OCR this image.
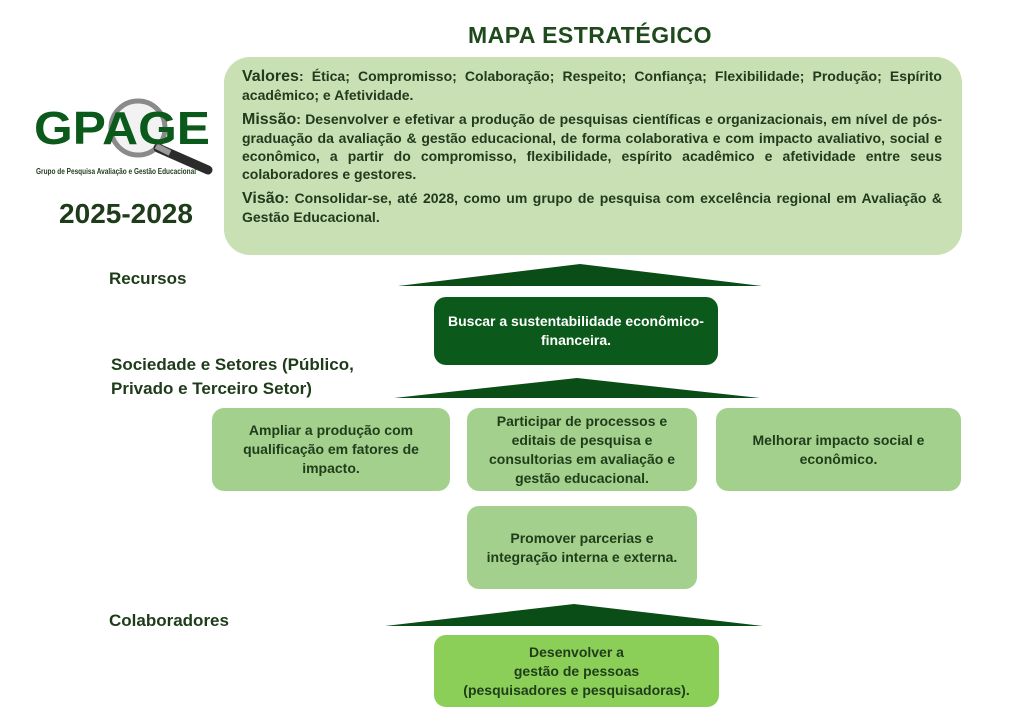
MAPA ESTRATÉGICO
GPAGE
Grupo de Pesquisa Avaliação e Gestão Educacional
2025-2028

Valores: Ética; Compromisso; Colaboração; Respeito; Confiança; Flexibilidade; Produção; Espírito acadêmico; e Afetividade.

Missão: Desenvolver e efetivar a produção de pesquisas científicas e organizacionais, em nível de pós-graduação da avaliação & gestão educacional, de forma colaborativa e com impacto avaliativo, social e econômico, a partir do compromisso, flexibilidade, espírito acadêmico e afetividade entre seus colaboradores e gestores.

Visão: Consolidar-se, até 2028, como um grupo de pesquisa com excelência regional em Avaliação & Gestão Educacional.

Recursos
Buscar a sustentabilidade econômico-financeira.
Sociedade e Setores (Público,
Privado e Terceiro Setor)
Ampliar a produção com qualificação em fatores de impacto.
Participar de processos e editais de pesquisa e consultorias em avaliação e gestão educacional.
Melhorar impacto social e econômico.
Promover parcerias e integração interna e externa.
Colaboradores
Desenvolver a
gestão de pessoas
(pesquisadores e pesquisadoras).
